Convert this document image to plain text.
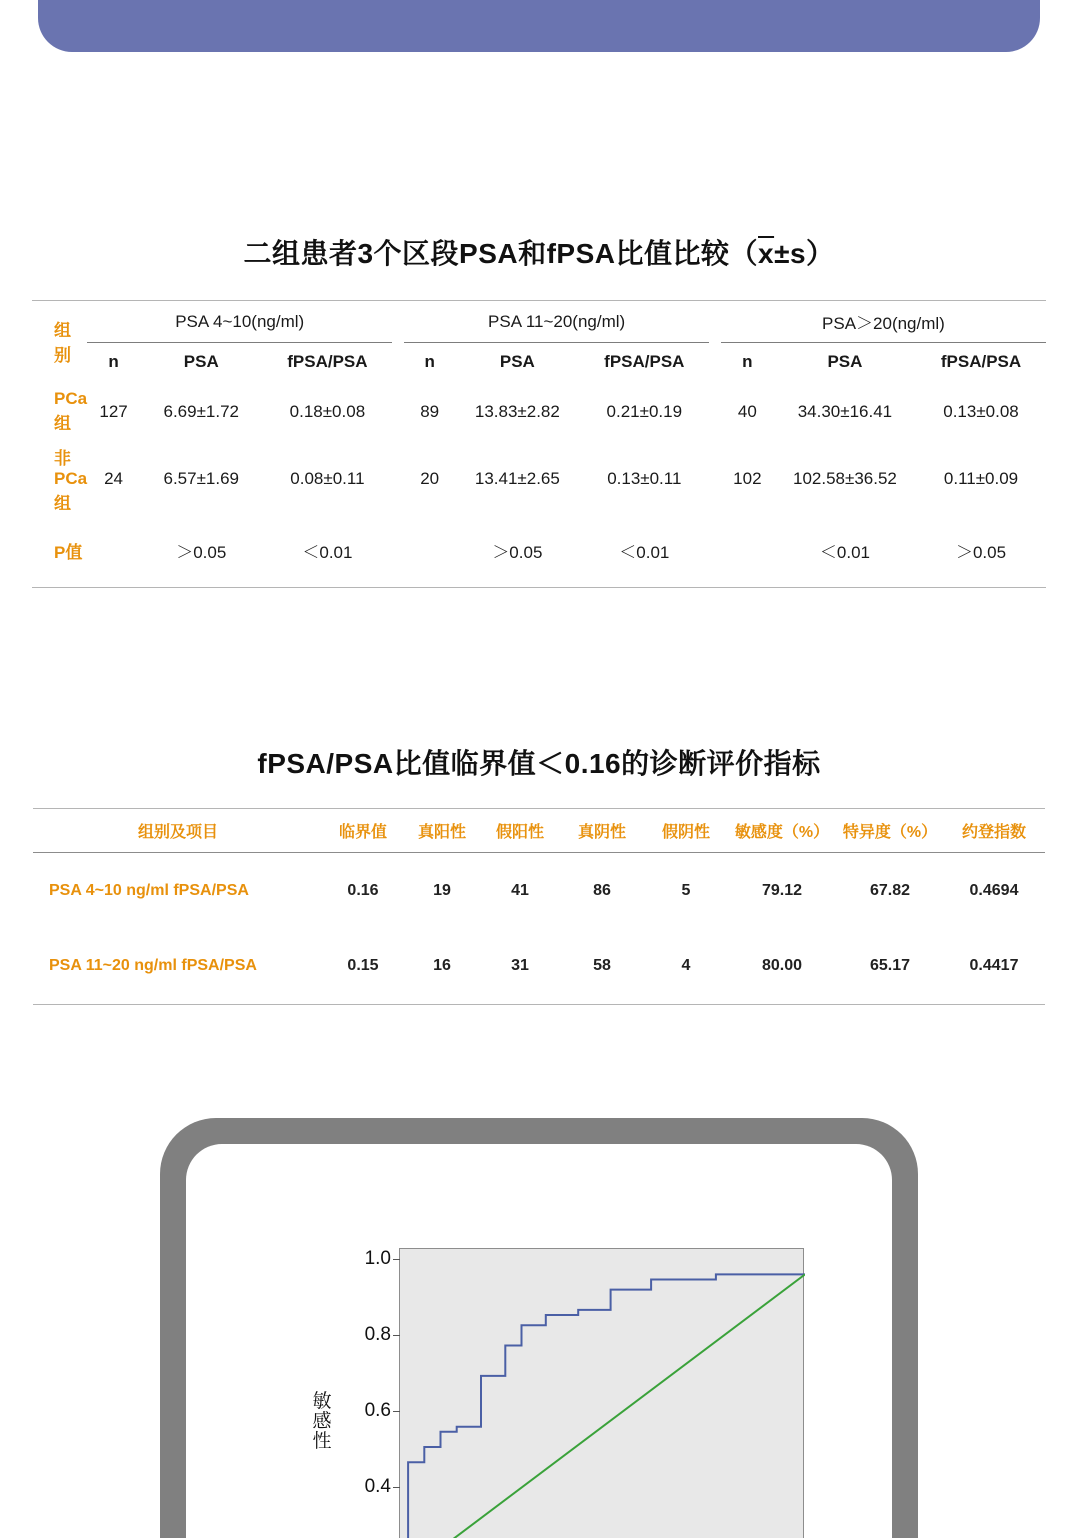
二组患者3个区段PSA和fPSA比值比较$(\overline{x}\pm s)$
组别	PSA 4~10(ng/ml)				PSA 11~20(ng/ml)				PSA＞20(ng/ml)		
	n	PSA	fPSA/PSA		n	PSA	fPSA/PSA		n	PSA	fPSA/PSA
PCa组	127	6.69±1.72	0.18±0.08		89	13.83±2.82	0.21±0.19		40	34.30±16.41	0.13±0.08
非PCa组	24	6.57±1.69	0.08±0.11		20	13.41±2.65	0.13±0.11		102	102.58±36.52	0.11±0.09
P值		＞0.05	＜0.01			＞0.05	＜0.01			＜0.01	＞0.05

fPSA/PSA比值临界值＜0.16的诊断评价指标
组别及项目	临界值	真阳性	假阳性	真阴性	假阴性	敏感度（%）	特异度（%）	约登指数
PSA 4~10 ng/ml fPSA/PSA	0.16	19	41	86	5	79.12	67.82	0.4694
PSA 11~20 ng/ml fPSA/PSA	0.15	16	31	58	4	80.00	65.17	0.4417
敏感性
1.0
0.8
0.6
0.4
